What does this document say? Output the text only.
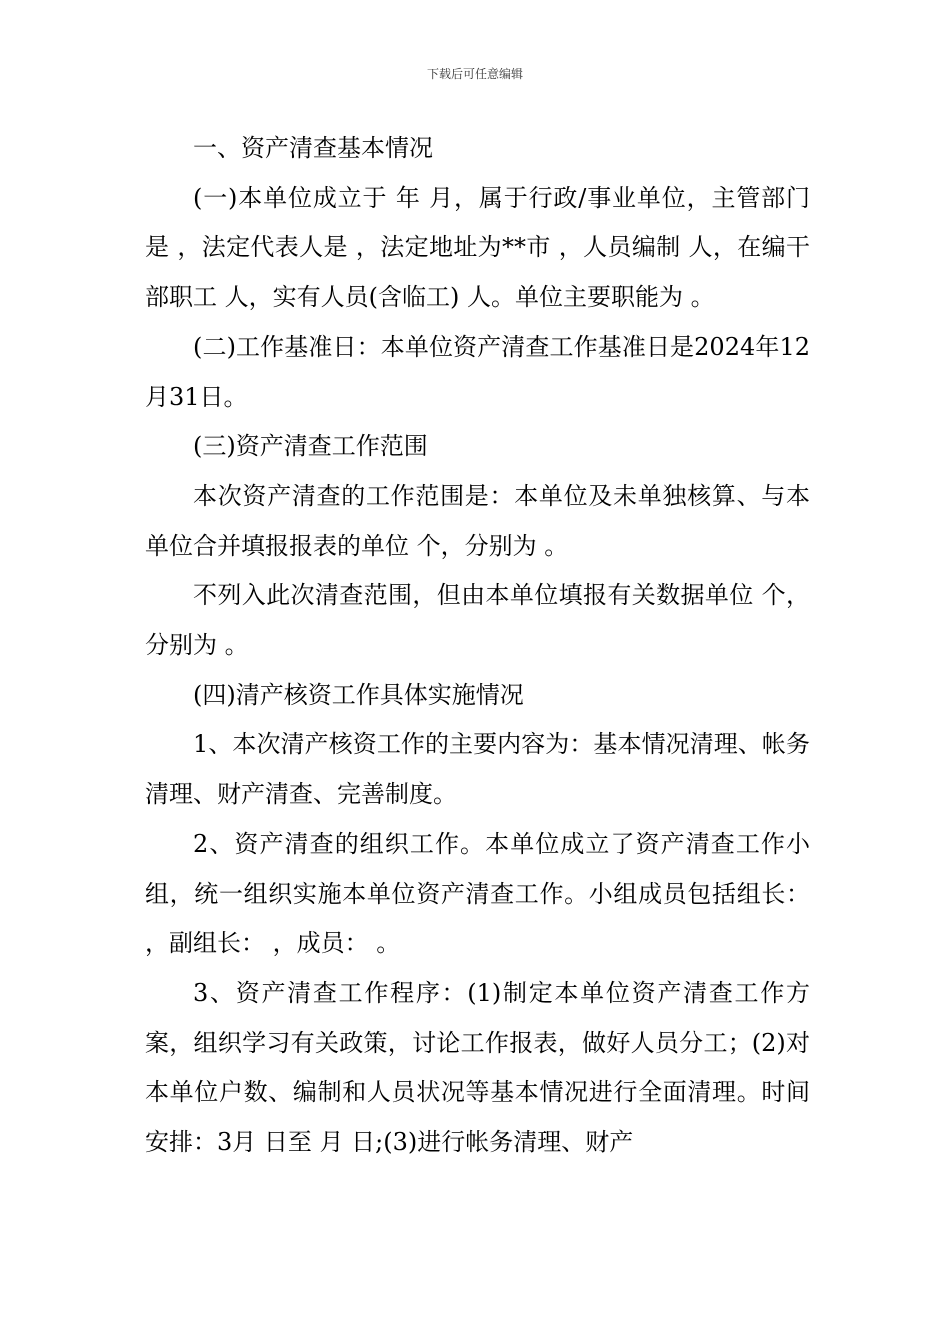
下载后可任意编辑

一、资产清查基本情况

(一)本单位成立于 年 月，属于行政/事业单位，主管部门是 ，法定代表人是 ，法定地址为**市 ，人员编制 人，在编干部职工 人，实有人员(含临工) 人。单位主要职能为 。

(二)工作基准日：本单位资产清查工作基准日是2024年12月31日。

(三)资产清查工作范围

本次资产清查的工作范围是：本单位及未单独核算、与本单位合并填报报表的单位 个，分别为 。

不列入此次清查范围，但由本单位填报有关数据单位 个，分别为 。

(四)清产核资工作具体实施情况

1、本次清产核资工作的主要内容为：基本情况清理、帐务清理、财产清查、完善制度。

2、资产清查的组织工作。本单位成立了资产清查工作小组，统一组织实施本单位资产清查工作。小组成员包括组长： ，副组长： ，成员： 。

3、资产清查工作程序：(1)制定本单位资产清查工作方案，组织学习有关政策，讨论工作报表，做好人员分工；(2)对本单位户数、编制和人员状况等基本情况进行全面清理。时间安排：3月 日至 月 日;(3)进行帐务清理、财产
